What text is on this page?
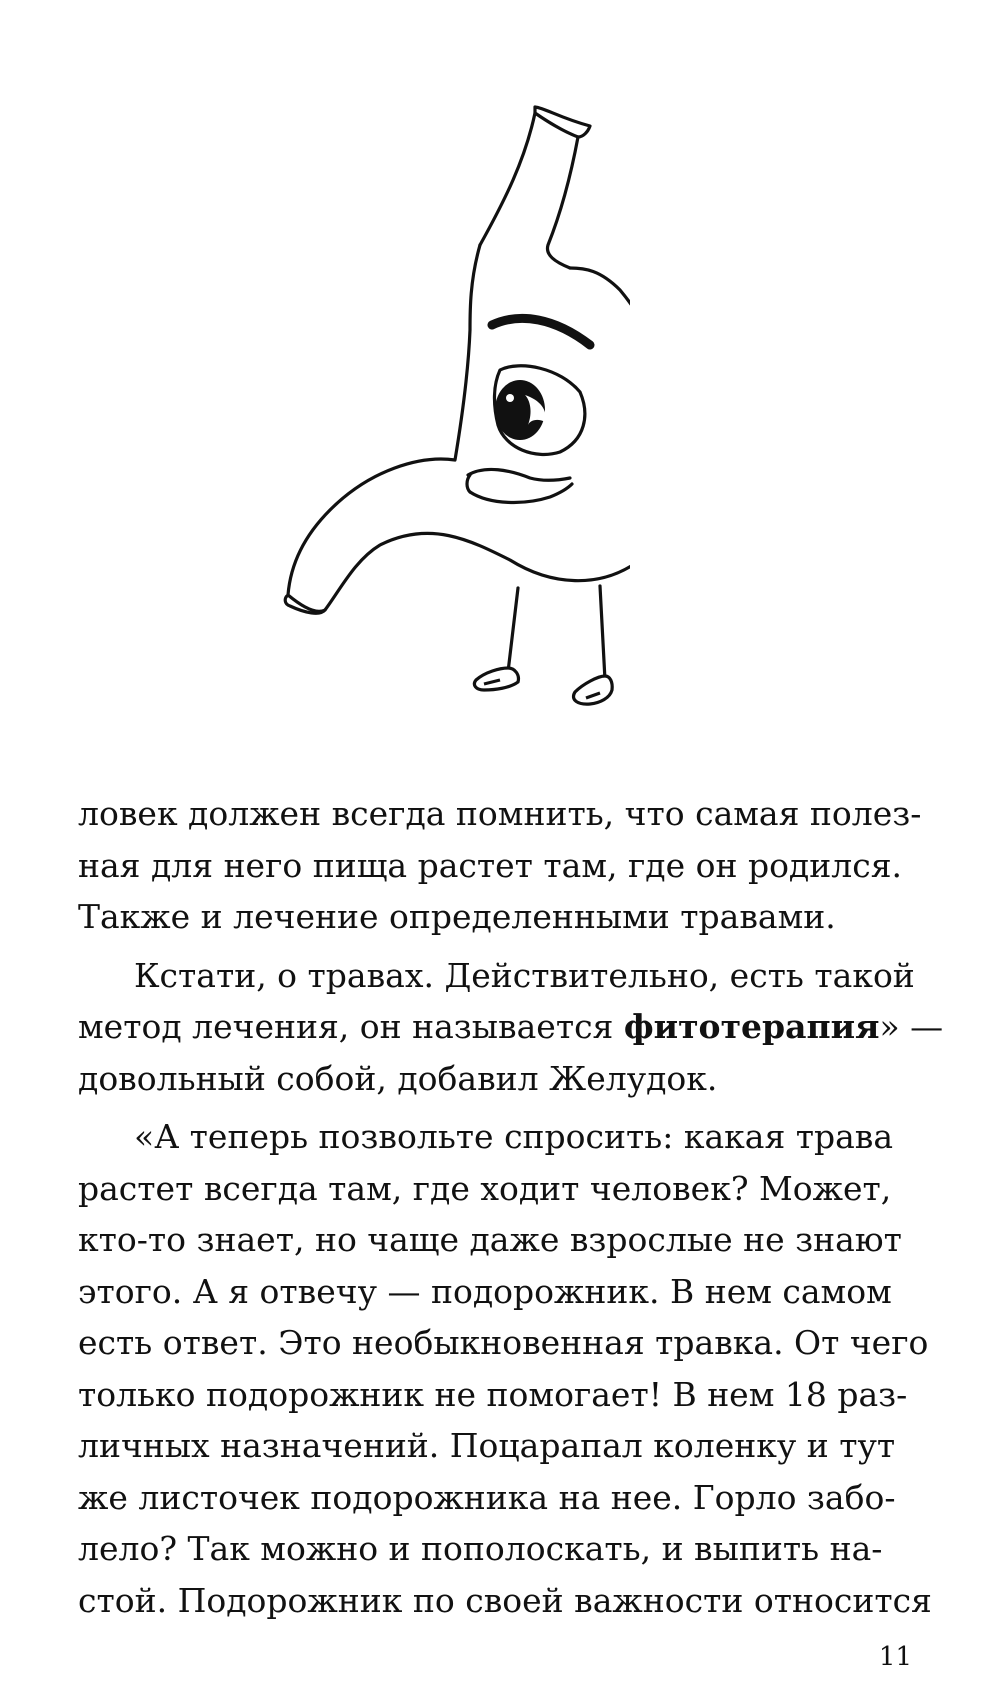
ловек должен всегда помнить, что самая полез-
ная для него пища растет там, где он родился.
Также и лечение определенными травами.
Кстати, о травах. Действительно, есть такой
метод лечения, он называется фитотерапия» —
довольный собой, добавил Желудок.
«А теперь позвольте спросить: какая трава
растет всегда там, где ходит человек? Может,
кто-то знает, но чаще даже взрослые не знают
этого. А я отвечу — подорожник. В нем самом
есть ответ. Это необыкновенная травка. От чего
только подорожник не помогает! В нем 18 раз-
личных назначений. Поцарапал коленку и тут
же листочек подорожника на нее. Горло забо-
лело? Так можно и пополоскать, и выпить на-
стой. Подорожник по своей важности относится
11
